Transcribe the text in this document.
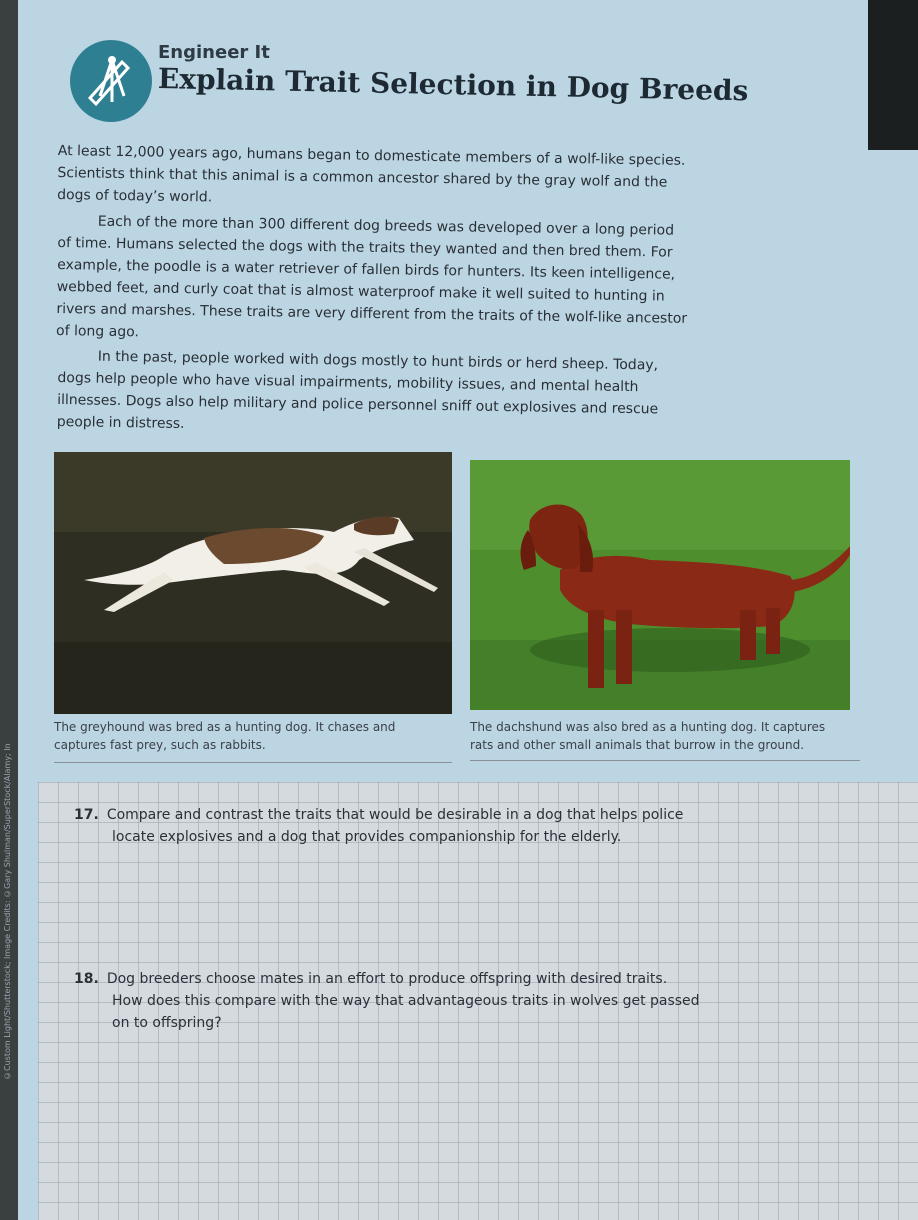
Engineer It
Explain Trait Selection in Dog Breeds

At least 12,000 years ago, humans began to domesticate members of a wolf-like species.
Scientists think that this animal is a common ancestor shared by the gray wolf and the
dogs of today’s world.

Each of the more than 300 different dog breeds was developed over a long period
of time. Humans selected the dogs with the traits they wanted and then bred them. For
example, the poodle is a water retriever of fallen birds for hunters. Its keen intelligence,
webbed feet, and curly coat that is almost waterproof make it well suited to hunting in
rivers and marshes. These traits are very different from the traits of the wolf-like ancestor
of long ago.

In the past, people worked with dogs mostly to hunt birds or herd sheep. Today,
dogs help people who have visual impairments, mobility issues, and mental health
illnesses. Dogs also help military and police personnel sniff out explosives and rescue
people in distress.

The greyhound was bred as a hunting dog. It chases and
captures fast prey, such as rabbits.

The dachshund was also bred as a hunting dog. It captures
rats and other small animals that burrow in the ground.

17. Compare and contrast the traits that would be desirable in a dog that helps police
locate explosives and a dog that provides companionship for the elderly.

18. Dog breeders choose mates in an effort to produce offspring with desired traits.
How does this compare with the way that advantageous traits in wolves get passed
on to offspring?

©Custom Light/Shutterstock; Image Credits: ©Gary Shulman/SuperStock/Alamy; In
